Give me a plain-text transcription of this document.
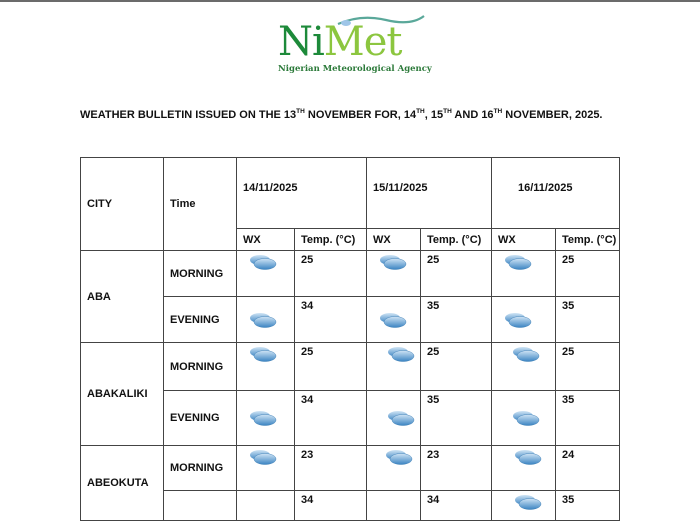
NiMet
Nigerian Meteorological Agency
WEATHER BULLETIN ISSUED ON THE 13TH NOVEMBER FOR, 14TH, 15TH AND 16TH NOVEMBER, 2025.
CITY	Time	14/11/2025		15/11/2025		16/11/2025	
		WX	Temp. (°C)	WX	Temp. (°C)	WX	Temp. (°C)
ABA	MORNING		25		25		25
	EVENING		34		35		35
ABAKALIKI	MORNING		25		25		25
	EVENING		34		35		35
ABEOKUTA	MORNING		23		23		24
			34		34		35
